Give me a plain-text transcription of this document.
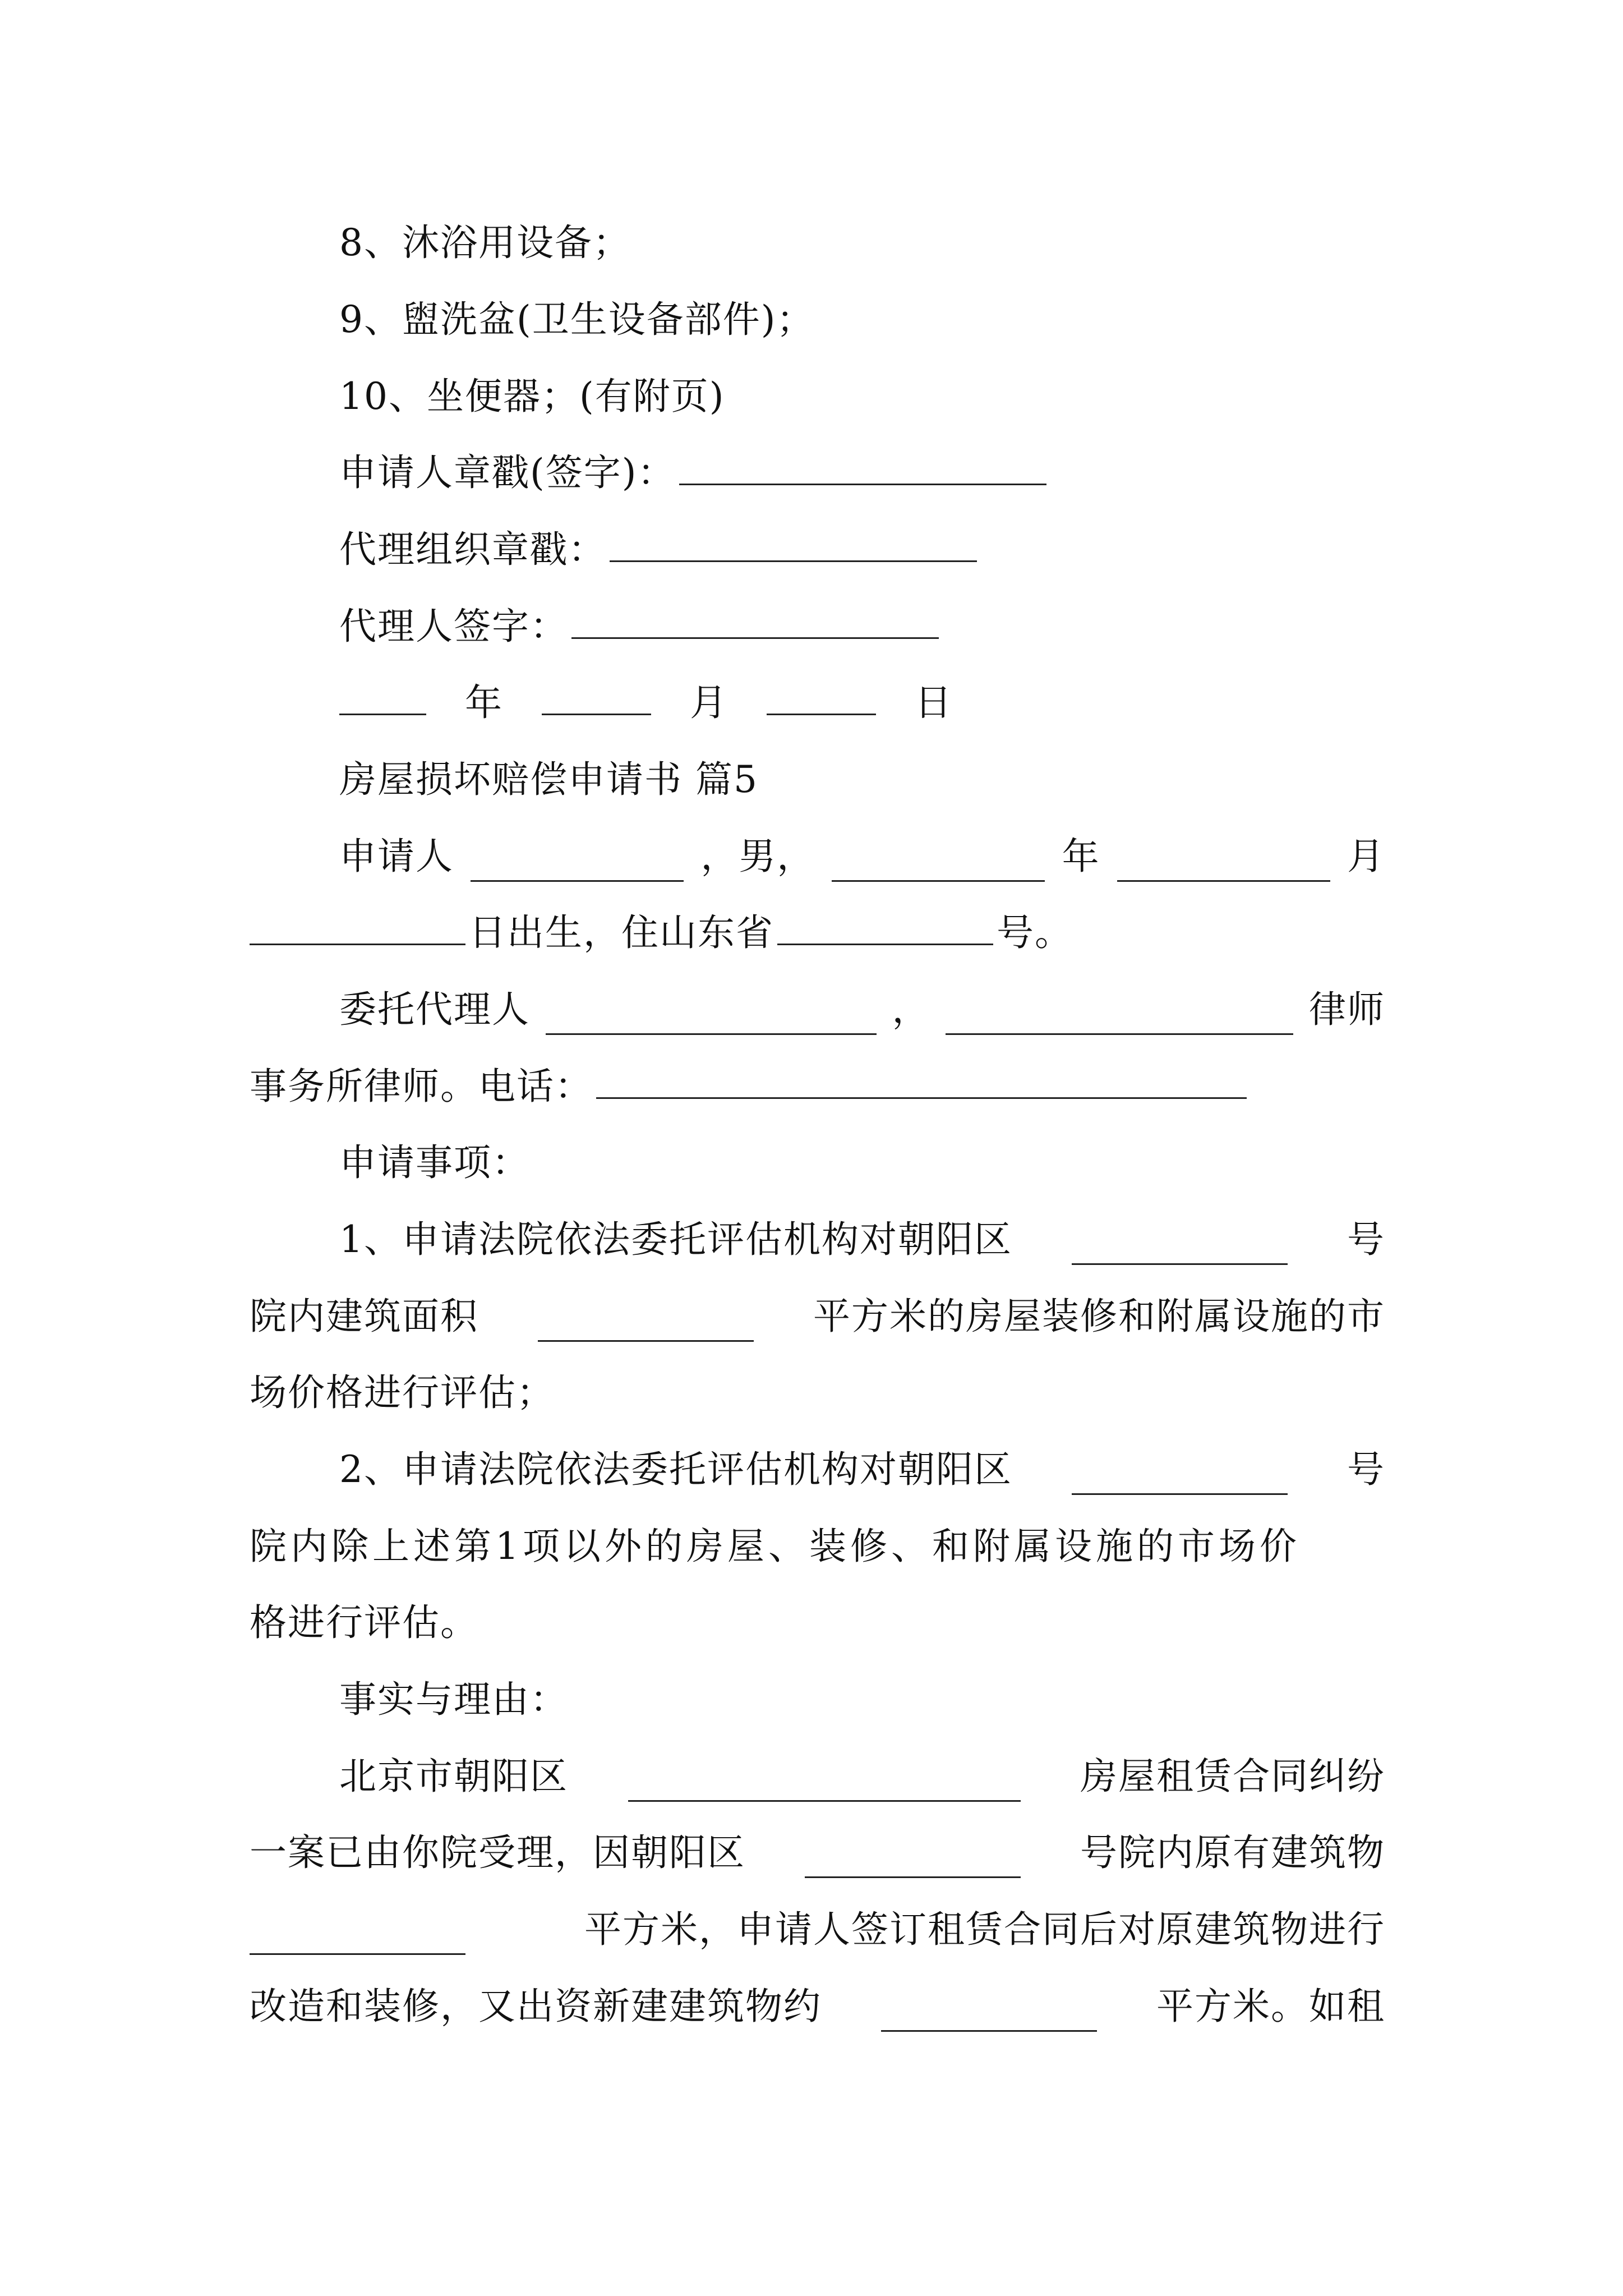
8、沐浴用设备；
9、盥洗盆(卫生设备部件)；
10、坐便器；(有附页)
申请人章戳(签字)：
代理组织章戳：
代理人签字：
年	月	日
房屋损坏赔偿申请书 篇5
申请人	，男，	年	月
日出生，住山东省	号。
委托代理人	，	律师
事务所律师。电话：
申请事项：
1、申请法院依法委托评估机构对朝阳区	号
院内建筑面积	平方米的房屋装修和附属设施的市
场价格进行评估；
2、申请法院依法委托评估机构对朝阳区	号
院内除上述第1项以外的房屋、装修、和附属设施的市场价
格进行评估。
事实与理由：
北京市朝阳区	房屋租赁合同纠纷
一案已由你院受理，因朝阳区	号院内原有建筑物
平方米，申请人签订租赁合同后对原建筑物进行
改造和装修，又出资新建建筑物约	平方米。如租
